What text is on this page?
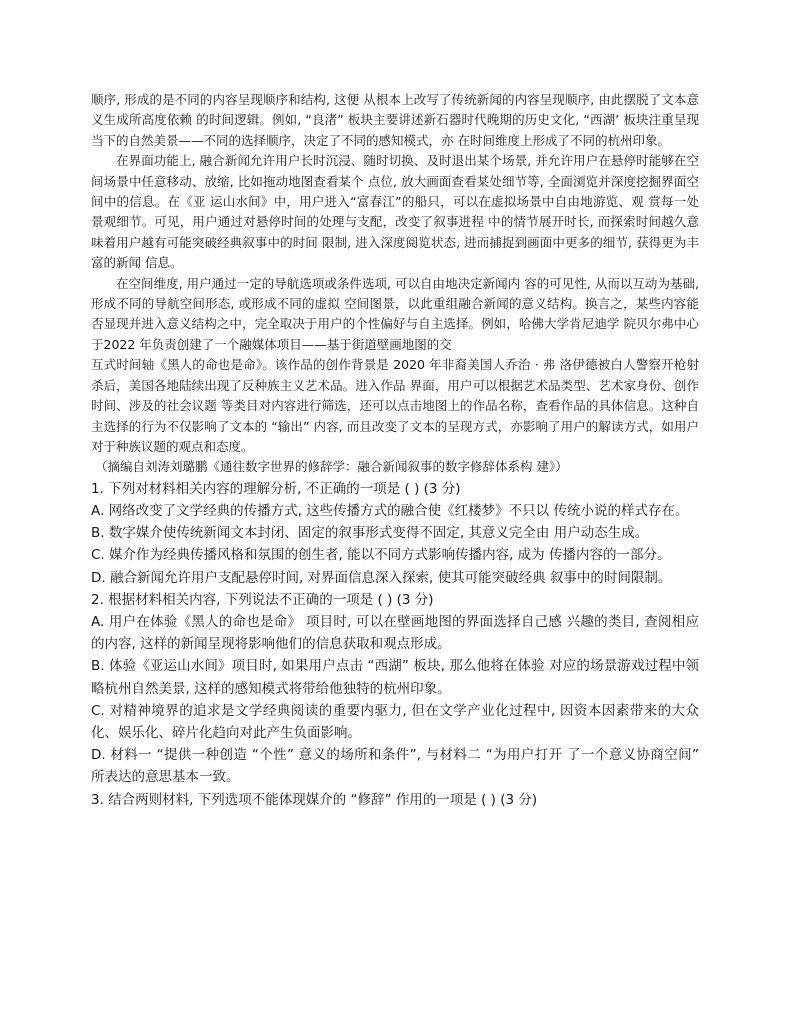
顺序, 形成的是不同的内容呈现顺序和结构, 这便 从根本上改写了传统新闻的内容呈现顺序, 由此摆脱了文本意义生成所高度依赖 的时间逻辑。例如, “良渚” 板块主要讲述新石器时代晚期的历史文化, “西湖’ 板块注重呈现当下的自然美景——不同的选择顺序，决定了不同的感知模式，亦 在时间维度上形成了不同的杭州印象。

在界面功能上, 融合新闻允许用户长时沉浸、随时切换、及时退出某个场景, 并允许用户在悬停时能够在空间场景中任意移动、放缩, 比如拖动地图查看某个 点位, 放大画面查看某处细节等, 全面浏览并深度挖掘界面空间中的信息。在《亚 运山水间》中，用户进入“富春江”的船只，可以在虚拟场景中自由地游览、观 赏每一处景观细节。可见，用户通过对悬停时间的处理与支配，改变了叙事进程 中的情节展开时长, 而探索时间越久意味着用户越有可能突破经典叙事中的时间 限制, 进入深度阅览状态, 进而捕捉到画面中更多的细节, 获得更为丰富的新闻 信息。

在空间维度, 用户通过一定的导航选项或条件选项, 可以自由地决定新闻内 容的可见性, 从而以互动为基础, 形成不同的导航空间形态, 或形成不同的虚拟 空间图景，以此重组融合新闻的意义结构。换言之，某些内容能否显现并进入意义结构之中，完全取决于用户的个性偏好与自主选择。例如，哈佛大学肯尼迪学 院贝尔弗中心于2022 年负责创建了一个融媒体项目——基于街道壁画地图的交

互式时间轴《黑人的命也是命》。该作品的创作背景是 2020 年非裔美国人乔治 · 弗 洛伊德被白人警察开枪射杀后，美国各地陆续出现了反种族主义艺术品。进入作品 界面，用户可以根据艺术品类型、艺术家身份、创作时间、涉及的社会议题 等类目对内容进行筛选，还可以点击地图上的作品名称，查看作品的具体信息。这种自主选择的行为不仅影响了文本的 “输出” 内容, 而且改变了文本的呈现方式，亦影响了用户的解读方式，如用户对于种族议题的观点和态度。

（摘编自刘涛刘璐鹏《通往数字世界的修辞学：融合新闻叙事的数字修辞体系构 建》）

1. 下列对材料相关内容的理解分析, 不正确的一项是 ( ) (3 分)

A. 网络改变了文学经典的传播方式, 这些传播方式的融合使《红楼梦》不只以 传统小说的样式存在。

B. 数字媒介使传统新闻文本封闭、固定的叙事形式变得不固定, 其意义完全由 用户动态生成。

C. 媒介作为经典传播风格和氛围的创生者, 能以不同方式影响传播内容, 成为 传播内容的一部分。

D. 融合新闻允许用户支配悬停时间, 对界面信息深入探索, 使其可能突破经典 叙事中的时间限制。

2. 根据材料相关内容, 下列说法不正确的一项是 ( ) (3 分)

A. 用户在体验《黑人的命也是命》 项目时, 可以在壁画地图的界面选择自己感 兴趣的类目, 查阅相应的内容, 这样的新闻呈现将影响他们的信息获取和观点形成。

B. 体验《亚运山水间》项目时, 如果用户点击 “西湖” 板块, 那么他将在体验 对应的场景游戏过程中领略杭州自然美景, 这样的感知模式将带给他独特的杭州印象。

C. 对精神境界的追求是文学经典阅读的重要内驱力, 但在文学产业化过程中, 因资本因素带来的大众化、娱乐化、碎片化趋向对此产生负面影响。

D. 材料一 “提供一种创造 “个性” 意义的场所和条件”, 与材料二 “为用户打开 了一个意义协商空间” 所表达的意思基本一致。

3. 结合两则材料, 下列选项不能体现媒介的 “修辞” 作用的一项是 ( ) (3 分)
